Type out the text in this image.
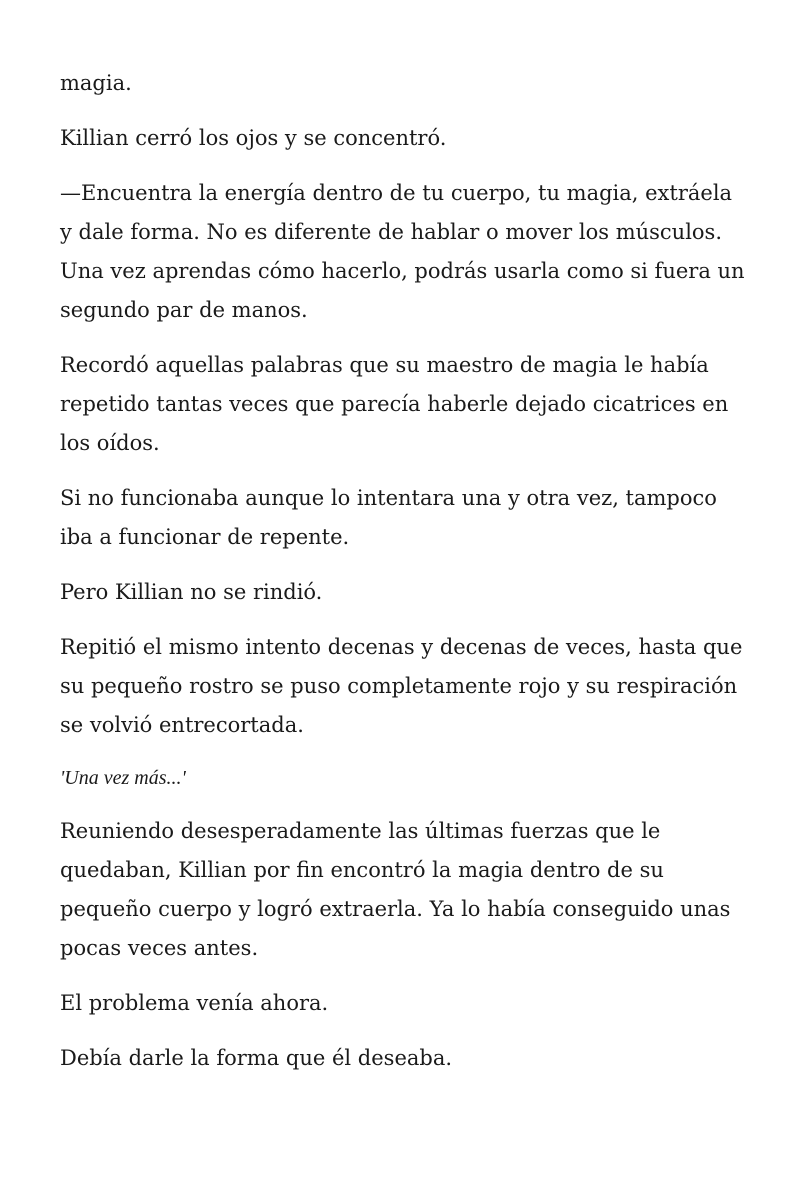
magia.

Killian cerró los ojos y se concentró.

—Encuentra la energía dentro de tu cuerpo, tu magia, extráela y dale forma. No es diferente de hablar o mover los músculos. Una vez aprendas cómo hacerlo, podrás usarla como si fuera un segundo par de manos.

Recordó aquellas palabras que su maestro de magia le había repetido tantas veces que parecía haberle dejado cicatrices en los oídos.

Si no funcionaba aunque lo intentara una y otra vez, tampoco iba a funcionar de repente.

Pero Killian no se rindió.

Repitió el mismo intento decenas y decenas de veces, hasta que su pequeño rostro se puso completamente rojo y su respiración se volvió entrecortada.

'Una vez más...'

Reuniendo desesperadamente las últimas fuerzas que le quedaban, Killian por fin encontró la magia dentro de su pequeño cuerpo y logró extraerla. Ya lo había conseguido unas pocas veces antes.

El problema venía ahora.

Debía darle la forma que él deseaba.
